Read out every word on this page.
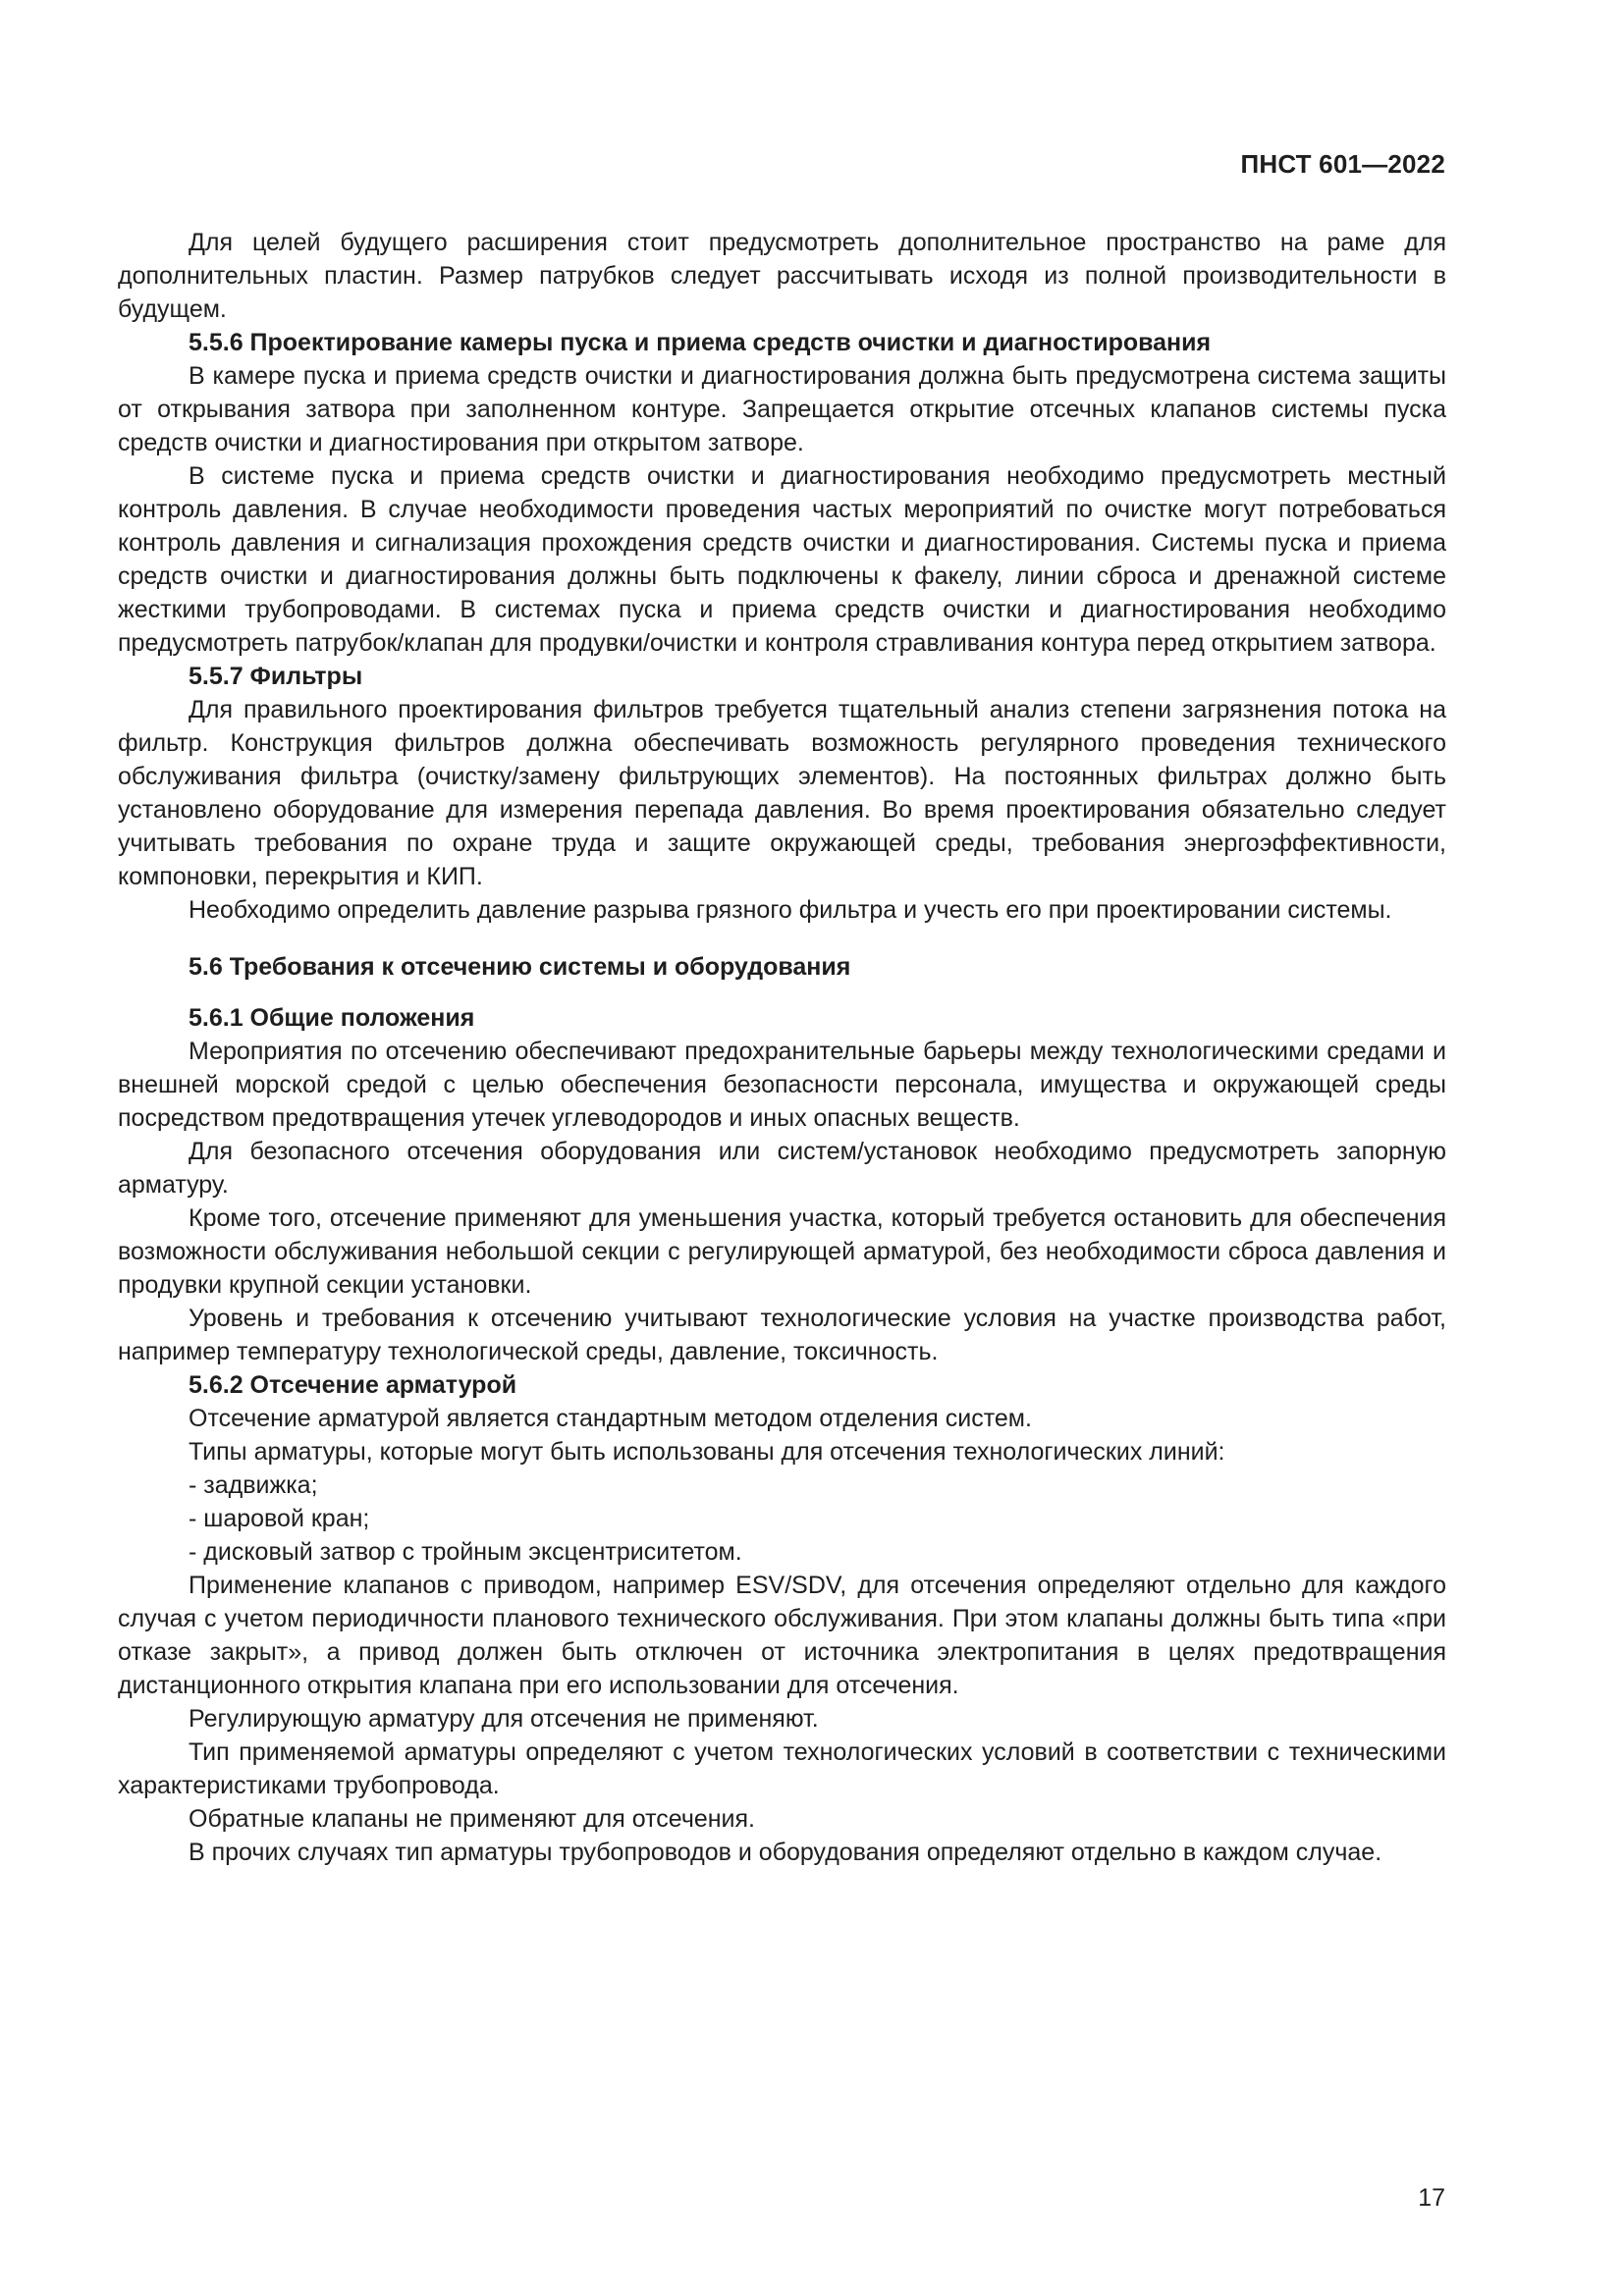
ПНСТ 601—2022

Для целей будущего расширения стоит предусмотреть дополнительное пространство на раме для дополнительных пластин. Размер патрубков следует рассчитывать исходя из полной производительности в будущем.

5.5.6 Проектирование камеры пуска и приема средств очистки и диагностирования

В камере пуска и приема средств очистки и диагностирования должна быть предусмотрена система защиты от открывания затвора при заполненном контуре. Запрещается открытие отсечных клапанов системы пуска средств очистки и диагностирования при открытом затворе.

В системе пуска и приема средств очистки и диагностирования необходимо предусмотреть местный контроль давления. В случае необходимости проведения частых мероприятий по очистке могут потребоваться контроль давления и сигнализация прохождения средств очистки и диагностирования. Системы пуска и приема средств очистки и диагностирования должны быть подключены к факелу, линии сброса и дренажной системе жесткими трубопроводами. В системах пуска и приема средств очистки и диагностирования необходимо предусмотреть патрубок/клапан для продувки/очистки и контроля стравливания контура перед открытием затвора.

5.5.7 Фильтры

Для правильного проектирования фильтров требуется тщательный анализ степени загрязнения потока на фильтр. Конструкция фильтров должна обеспечивать возможность регулярного проведения технического обслуживания фильтра (очистку/замену фильтрующих элементов). На постоянных фильтрах должно быть установлено оборудование для измерения перепада давления. Во время проектирования обязательно следует учитывать требования по охране труда и защите окружающей среды, требования энергоэффективности, компоновки, перекрытия и КИП.

Необходимо определить давление разрыва грязного фильтра и учесть его при проектировании системы.

5.6 Требования к отсечению системы и оборудования

5.6.1 Общие положения

Мероприятия по отсечению обеспечивают предохранительные барьеры между технологическими средами и внешней морской средой с целью обеспечения безопасности персонала, имущества и окружающей среды посредством предотвращения утечек углеводородов и иных опасных веществ.

Для безопасного отсечения оборудования или систем/установок необходимо предусмотреть запорную арматуру.

Кроме того, отсечение применяют для уменьшения участка, который требуется остановить для обеспечения возможности обслуживания небольшой секции с регулирующей арматурой, без необходимости сброса давления и продувки крупной секции установки.

Уровень и требования к отсечению учитывают технологические условия на участке производства работ, например температуру технологической среды, давление, токсичность.

5.6.2 Отсечение арматурой

Отсечение арматурой является стандартным методом отделения систем.

Типы арматуры, которые могут быть использованы для отсечения технологических линий:

- задвижка;

- шаровой кран;

- дисковый затвор с тройным эксцентриситетом.

Применение клапанов с приводом, например ESV/SDV, для отсечения определяют отдельно для каждого случая с учетом периодичности планового технического обслуживания. При этом клапаны должны быть типа «при отказе закрыт», а привод должен быть отключен от источника электропитания в целях предотвращения дистанционного открытия клапана при его использовании для отсечения.

Регулирующую арматуру для отсечения не применяют.

Тип применяемой арматуры определяют с учетом технологических условий в соответствии с техническими характеристиками трубопровода.

Обратные клапаны не применяют для отсечения.

В прочих случаях тип арматуры трубопроводов и оборудования определяют отдельно в каждом случае.

17
